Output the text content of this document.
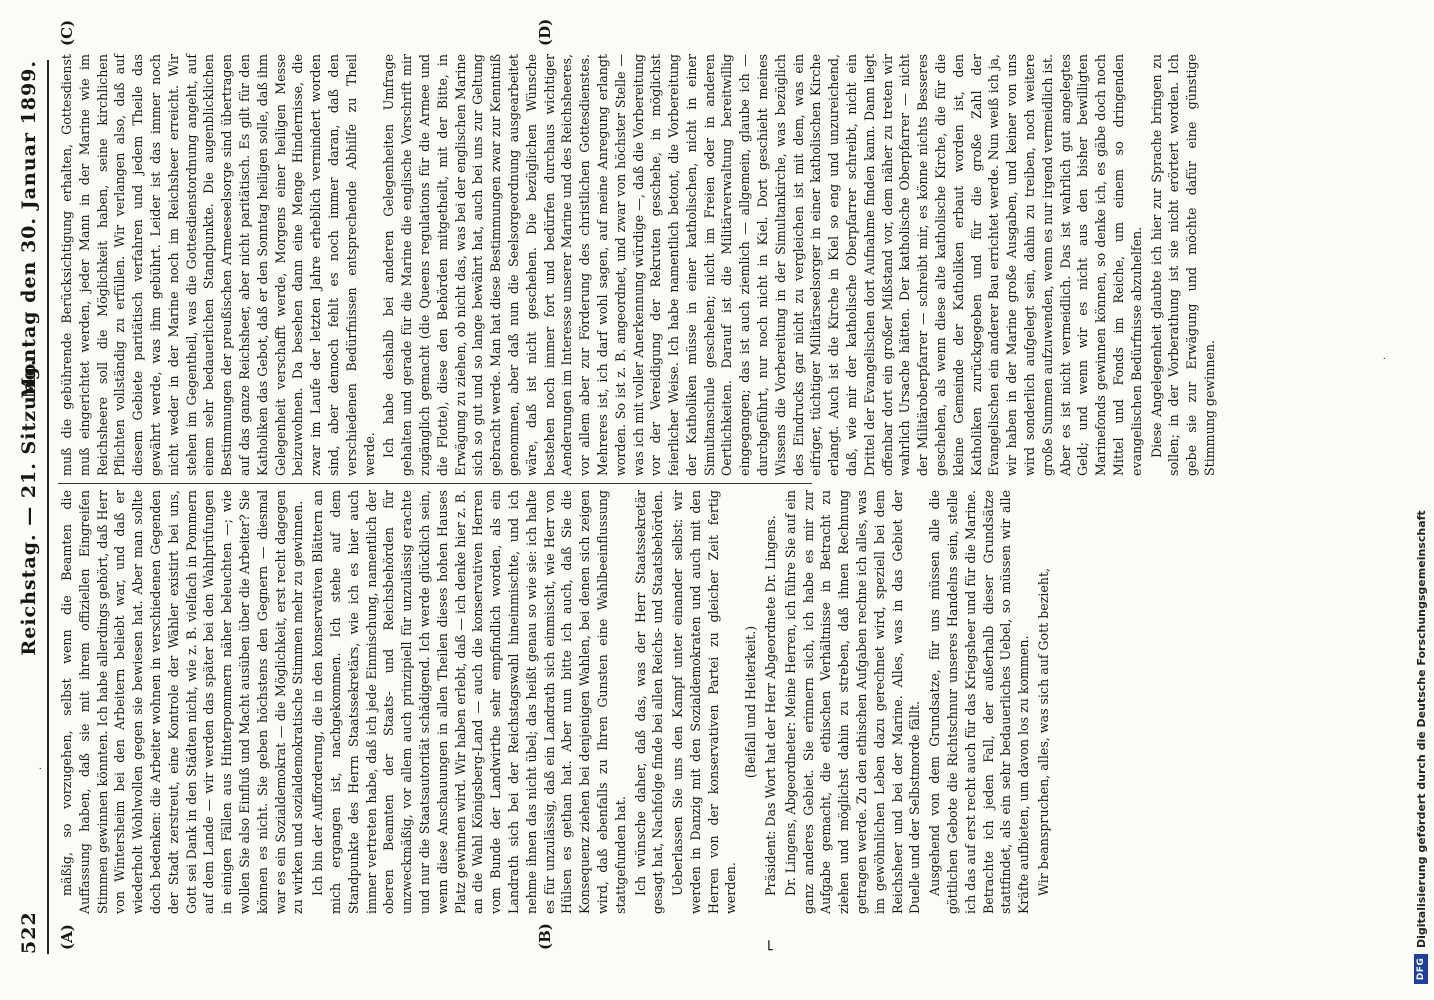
522
Reichstag. — 21. Sitzung.
Montag den 30. Januar 1899.
(A)	(B)
(C)	(D)
⌐

mäßig, so vorzugehen, selbst wenn die Beamten die Auffassung haben, daß sie mit ihrem offiziellen Eingreifen Stimmen gewinnen könnten. Ich habe allerdings gehört, daß Herr von Wintersheim bei den Arbeitern beliebt war, und daß er wiederholt Wohlwollen gegen sie bewiesen hat. Aber man sollte doch bedenken: die Arbeiter wohnen in verschiedenen Gegenden der Stadt zerstreut, eine Kontrole der Wähler existirt bei uns, Gott sei Dank in den Städten nicht, wie z. B. vielfach in Pommern auf dem Lande — wir werden das später bei den Wahlprüfungen in einigen Fällen aus Hinterpommern näher beleuchten —; wie wollen Sie also Einfluß und Macht ausüben über die Arbeiter? Sie können es nicht. Sie geben höchstens den Gegnern — diesmal war es ein Sozialdemokrat — die Möglichkeit, erst recht dagegen zu wirken und sozialdemokratische Stimmen mehr zu gewinnen. Ich bin der Aufforderung, die in den konservativen Blättern an mich ergangen ist, nachgekommen. Ich stehe auf dem Standpunkte des Herrn Staatssekretärs, wie ich es hier auch immer vertreten habe, daß ich jede Einmischung, namentlich der oberen Beamten der Staats- und Reichsbehörden für unzweckmäßig, vor allem auch prinzipiell für unzulässig erachte und nur die Staatsautorität schädigend. Ich werde glücklich sein, wenn diese Anschauungen in allen Theilen dieses hohen Hauses Platz gewinnen wird. Wir haben erlebt, daß — ich denke hier z. B. an die Wahl Königsberg-Land — auch die konservativen Herren vom Bunde der Landwirthe sehr empfindlich worden, als ein Landrath sich bei der Reichstagswahl hineinmischte, und ich nehme ihnen das nicht übel; das heißt genau so wie sie: ich halte es für unzulässig, daß ein Landrath sich einmischt, wie Herr von Hülsen es gethan hat. Aber nun bitte ich auch, daß Sie die Konsequenz ziehen bei denjenigen Wahlen, bei denen sich zeigen wird, daß ebenfalls zu Ihren Gunsten eine Wahlbeeinflussung stattgefunden hat. Ich wünsche daher, daß das, was der Herr Staatssekretär gesagt hat, Nachfolge finde bei allen Reichs- und Staatsbehörden. Ueberlassen Sie uns den Kampf unter einander selbst: wir werden in Danzig mit den Sozialdemokraten und auch mit den Herren von der konservativen Partei zu gleicher Zeit fertig werden.

(Beifall und Heiterkeit.) Präsident: Das Wort hat der Herr Abgeordnete Dr. Lingens. Dr. Lingens, Abgeordneter: Meine Herren, ich führe Sie auf ein ganz anderes Gebiet. Sie erinnern sich, ich habe es mir zur Aufgabe gemacht, die ethischen Verhältnisse in Betracht zu ziehen und möglichst dahin zu streben, daß ihnen Rechnung getragen werde. Zu den ethischen Aufgaben rechne ich alles, was im gewöhnlichen Leben dazu gerechnet wird, speziell bei dem Reichsheer und bei der Marine. Alles, was in das Gebiet der Duelle und der Selbstmorde fällt. Ausgehend von dem Grundsatze, für uns müssen alle die göttlichen Gebote die Richtschnur unseres Handelns sein, stelle ich das auf erst recht auch für das Kriegsheer und für die Marine. Betrachte ich jeden Fall, der außerhalb dieser Grundsätze stattfindet, als ein sehr bedauerliches Uebel, so müssen wir alle Kräfte aufbieten, um davon los zu kommen. Wir beanspruchen, alles, was sich auf Gott bezieht,

muß die gebührende Berücksichtigung erhalten, Gottesdienst muß eingerichtet werden, jeder Mann in der Marine wie im Reichsheere soll die Möglichkeit haben, seine kirchlichen Pflichten vollständig zu erfüllen. Wir verlangen also, daß auf diesem Gebiete paritätisch verfahren und jedem Theile das gewährt werde, was ihm gebührt. Leider ist das immer noch nicht weder in der Marine noch im Reichsheer erreicht. Wir stehen im Gegentheil, was die Gottesdienstordnung angeht, auf einem sehr bedauerlichen Standpunkte. Die augenblicklichen Bestimmungen der preußischen Armeeseelsorge sind übertragen auf das ganze Reichsheer, aber nicht paritätisch. Es gilt für den Katholiken das Gebot, daß er den Sonntag heiligen solle, daß ihm Gelegenheit verschafft werde, Morgens einer heiligen Messe beizuwohnen. Da besehen dann eine Menge Hindernisse, die zwar im Laufe der letzten Jahre erheblich vermindert worden sind, aber dennoch fehlt es noch immer daran, daß den verschiedenen Bedürfnissen entsprechende Abhilfe zu Theil werde. Ich habe deshalb bei anderen Gelegenheiten Umfrage gehalten und gerade für die Marine die englische Vorschrift mir zugänglich gemacht (die Queens regulations für die Armee und die Flotte), diese den Behörden mitgetheilt, mit der Bitte, in Erwägung zu ziehen, ob nicht das, was bei der englischen Marine sich so gut und so lange bewährt hat, auch bei uns zur Geltung gebracht werde. Man hat diese Bestimmungen zwar zur Kenntniß genommen, aber daß nun die Seelsorgeordnung ausgearbeitet wäre, daß ist nicht geschehen. Die bezüglichen Wünsche bestehen noch immer fort und bedürfen durchaus wichtiger Aenderungen im Interesse unserer Marine und des Reichsheeres, vor allem aber zur Förderung des christlichen Gottesdienstes. Mehreres ist, ich darf wohl sagen, auf meine Anregung erlangt worden. So ist z. B. angeordnet, und zwar von höchster Stelle — was ich mit voller Anerkennung würdige —, daß die Vorbereitung vor der Vereidigung der Rekruten geschehe, in möglichst feierlicher Weise. Ich habe namentlich betont, die Vorbereitung der Katholiken müsse in einer katholischen, nicht in einer Simultanschule geschehen; nicht im Freien oder in anderen Oertlichkeiten. Darauf ist die Militärverwaltung bereitwillig eingegangen; das ist auch ziemlich — allgemein, glaube ich — durchgeführt, nur noch nicht in Kiel. Dort geschieht meines Wissens die Vorbereitung in der Simultankirche, was bezüglich des Eindrucks gar nicht zu vergleichen ist mit dem, was ein eifriger, tüchtiger Militärseelsorger in einer katholischen Kirche erlangt. Auch ist die Kirche in Kiel so eng und unzureichend, daß, wie mir der katholische Oberpfarrer schreibt, nicht ein Drittel der Evangelischen dort Aufnahme finden kann. Dann liegt offenbar dort ein großer Mißstand vor, dem näher zu treten wir wahrlich Ursache hätten. Der katholische Oberpfarrer — nicht der Militäroberpfarrer — schreibt mir, es könne nichts Besseres geschehen, als wenn diese alte katholische Kirche, die für die kleine Gemeinde der Katholiken erbaut worden ist, den Katholiken zurückgegeben und für die große Zahl der Evangelischen ein anderer Bau errichtet werde. Nun weiß ich ja, wir haben in der Marine große Ausgaben, und keiner von uns wird sonderlich aufgelegt sein, dahin zu treiben, noch weitere große Summen aufzuwenden, wenn es nur irgend vermeidlich ist. Aber es ist nicht vermeidlich. Das ist wahrlich gut angelegtes Geld; und wenn wir es nicht aus den bisher bewilligten Marinefonds gewinnen können, so denke ich, es gäbe doch noch Mittel und Fonds im Reiche, um einem so dringenden evangelischen Bedürfnisse abzuhelfen. Diese Angelegenheit glaubte ich hier zur Sprache bringen zu sollen; in der Vorberathung ist sie nicht erörtert worden. Ich gebe sie zur Erwägung und möchte dafür eine günstige Stimmung gewinnen.

·
·
DFG
Digitalisierung gefördert durch die Deutsche Forschungsgemeinschaft
